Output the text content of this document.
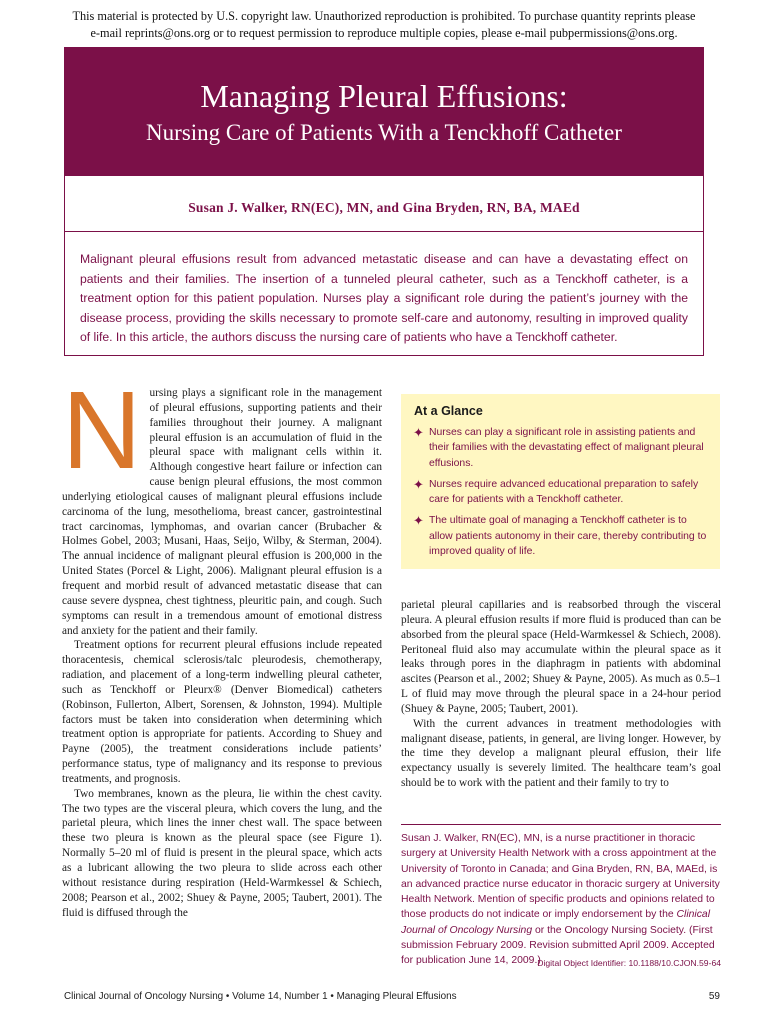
This material is protected by U.S. copyright law. Unauthorized reproduction is prohibited. To purchase quantity reprints please
e-mail reprints@ons.org or to request permission to reproduce multiple copies, please e-mail pubpermissions@ons.org.
Managing Pleural Effusions:
Nursing Care of Patients With a Tenckhoff Catheter
Susan J. Walker, RN(EC), MN, and Gina Bryden, RN, BA, MAEd
Malignant pleural effusions result from advanced metastatic disease and can have a devastating effect on patients and their families. The insertion of a tunneled pleural catheter, such as a Tenckhoff catheter, is a treatment option for this patient population. Nurses play a significant role during the patient’s journey with the disease process, providing the skills necessary to promote self-care and autonomy, resulting in improved quality of life. In this article, the authors discuss the nursing care of patients who have a Tenckhoff catheter.
N ursing plays a significant role in the management of pleural effusions, supporting patients and their families throughout their journey. A malignant pleural effusion is an accumulation of fluid in the pleural space with malignant cells within it. Although congestive heart failure or infection can cause benign pleural effusions, the most common underlying etiological causes of malignant pleural effusions include carcinoma of the lung, mesothelioma, breast cancer, gastrointestinal tract carcinomas, lymphomas, and ovarian cancer (Brubacher & Holmes Gobel, 2003; Musani, Haas, Seijo, Wilby, & Sterman, 2004). The annual incidence of malignant pleural effusion is 200,000 in the United States (Porcel & Light, 2006). Malignant pleural effusion is a frequent and morbid result of advanced metastatic disease that can cause severe dyspnea, chest tightness, pleuritic pain, and cough. Such symptoms can result in a tremendous amount of emotional distress and anxiety for the patient and their family.

Treatment options for recurrent pleural effusions include repeated thoracentesis, chemical sclerosis/talc pleurodesis, chemotherapy, radiation, and placement of a long-term indwelling pleural catheter, such as Tenckhoff or Pleurx® (Denver Biomedical) catheters (Robinson, Fullerton, Albert, Sorensen, & Johnston, 1994). Multiple factors must be taken into consideration when determining which treatment option is appropriate for patients. According to Shuey and Payne (2005), the treatment considerations include patients’ performance status, type of malignancy and its response to previous treatments, and prognosis.

Two membranes, known as the pleura, lie within the chest cavity. The two types are the visceral pleura, which covers the lung, and the parietal pleura, which lines the inner chest wall. The space between these two pleura is known as the pleural space (see Figure 1). Normally 5–20 ml of fluid is present in the pleural space, which acts as a lubricant allowing the two pleura to slide across each other without resistance during respiration (Held-Warmkessel & Schiech, 2008; Pearson et al., 2002; Shuey & Payne, 2005; Taubert, 2001). The fluid is diffused through the

At a Glance
✦ Nurses can play a significant role in assisting patients and their families with the devastating effect of malignant pleural effusions.
✦ Nurses require advanced educational preparation to safely care for patients with a Tenckhoff catheter.
✦ The ultimate goal of managing a Tenckhoff catheter is to allow patients autonomy in their care, thereby contributing to improved quality of life.

parietal pleural capillaries and is reabsorbed through the visceral pleura. A pleural effusion results if more fluid is produced than can be absorbed from the pleural space (Held-Warmkessel & Schiech, 2008). Peritoneal fluid also may accumulate within the pleural space as it leaks through pores in the diaphragm in patients with abdominal ascites (Pearson et al., 2002; Shuey & Payne, 2005). As much as 0.5–1 L of fluid may move through the pleural space in a 24-hour period (Shuey & Payne, 2005; Taubert, 2001).

With the current advances in treatment methodologies with malignant disease, patients, in general, are living longer. However, by the time they develop a malignant pleural effusion, their life expectancy usually is severely limited. The healthcare team’s goal should be to work with the patient and their family to try to

Susan J. Walker, RN(EC), MN, is a nurse practitioner in thoracic surgery at University Health Network with a cross appointment at the University of Toronto in Canada; and Gina Bryden, RN, BA, MAEd, is an advanced practice nurse educator in thoracic surgery at University Health Network. Mention of specific products and opinions related to those products do not indicate or imply endorsement by the Clinical Journal of Oncology Nursing or the Oncology Nursing Society. (First submission February 2009. Revision submitted April 2009. Accepted for publication June 14, 2009.)
Digital Object Identifier: 10.1188/10.CJON.59-64
Clinical Journal of Oncology Nursing • Volume 14, Number 1 • Managing Pleural Effusions	59
